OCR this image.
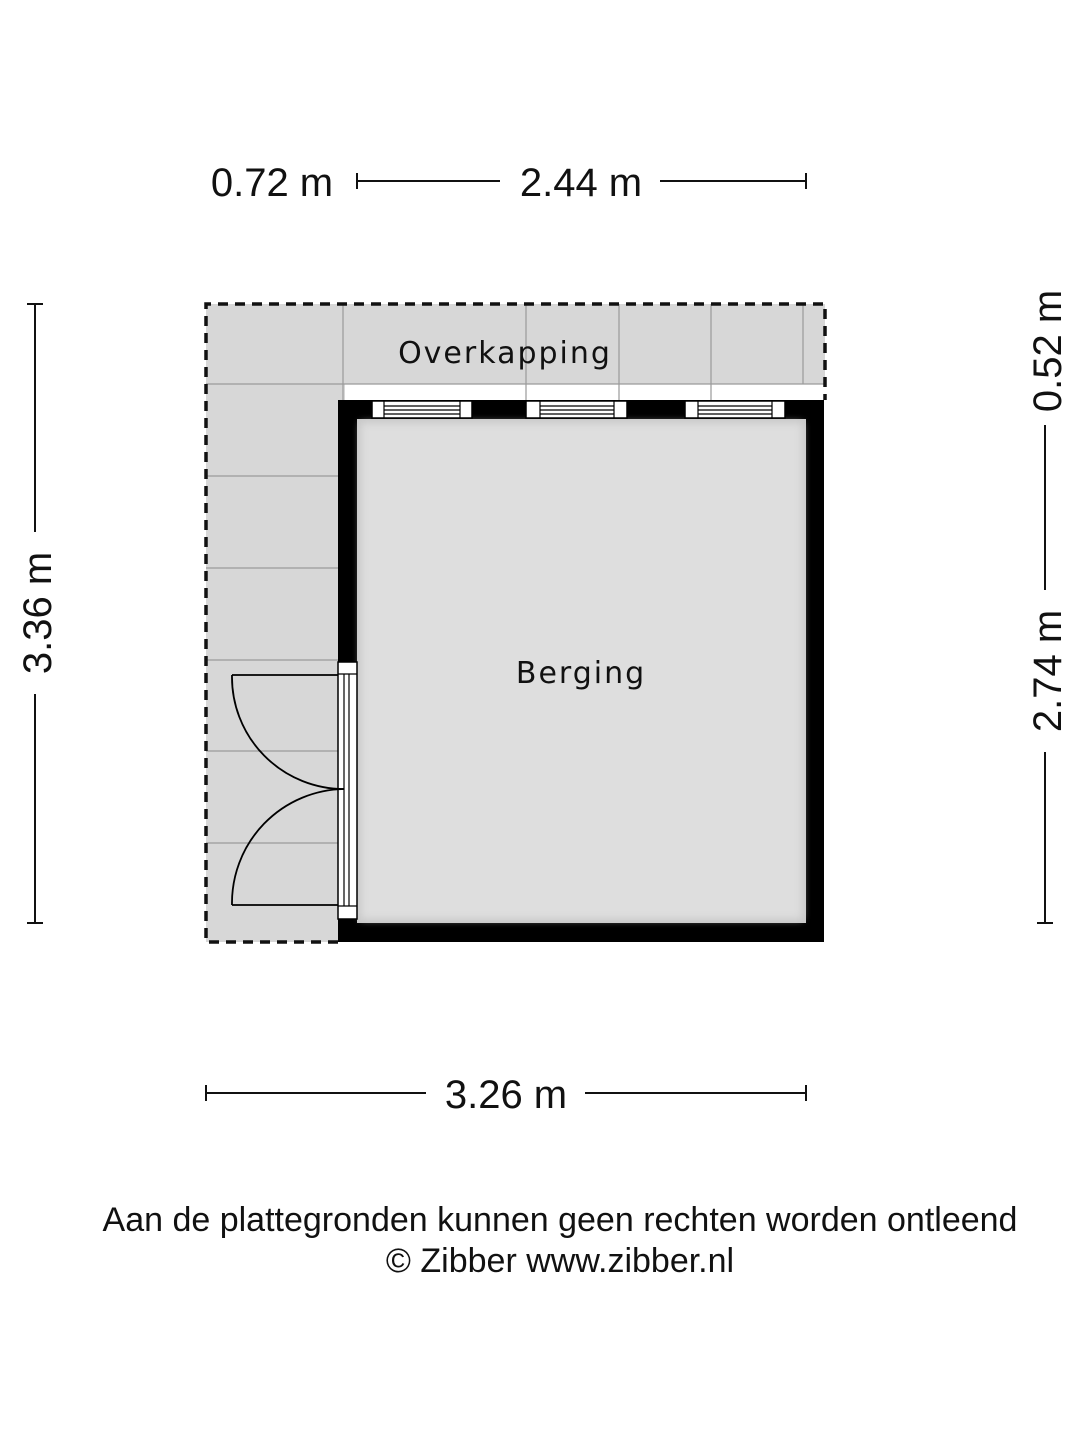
Overkapping
Berging
0.72 m	2.44 m
3.26 m
3.36 m
0.52 m
2.74 m
Aan de plattegronden kunnen geen rechten worden ontleend
© Zibber www.zibber.nl
